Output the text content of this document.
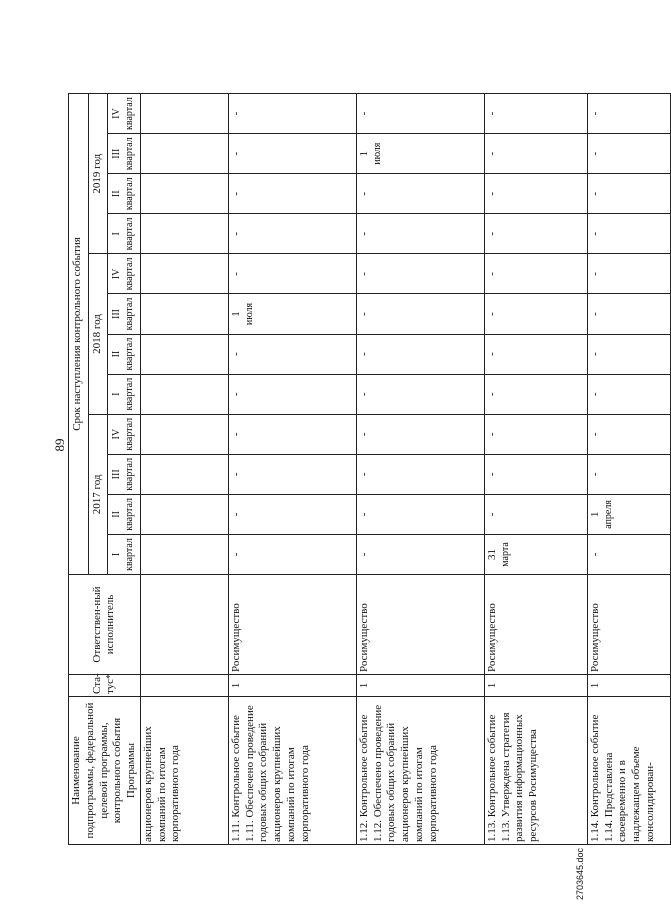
89
Наименование подпрограммы, федеральной целевой программы, контрольного события Программы	Ста-тус*	Ответствен-ный исполнитель	Срок наступления контрольного события											
			2017 год				2018 год				2019 год			

			I квартал	II квартал	III квартал	IV квартал	I квартал	II квартал	III квартал	IV квартал	I квартал	II квартал	III квартал	IV квартал

акционеров крупнейших компаний по итогам корпоративного года			

1.11. Контрольное событие 1.11. Обеспечено проведение годовых общих собраний акционеров крупнейших компаний по итогам корпоративного года	1	Росимущество	-	-	-	-	-	-	1 июля	-	-	-	-	-

1.12. Контрольное событие 1.12. Обеспечено проведение годовых общих собраний акционеров крупнейших компаний по итогам корпоративного года	1	Росимущество	-	-	-	-	-	-	-	-	-	-	1 июля	-

1.13. Контрольное событие 1.13. Утверждена стратегия развития информационных ресурсов Росимущества	1	Росимущество	31 марта	-	-	-	-	-	-	-	-	-	-	-

1.14. Контрольное событие 1.14. Представлена своевременно и в надлежащем объеме консолидирован-	1	Росимущество	-	1 апреля	-	-	-	-	-	-	-	-	-	-
2703645.doc
